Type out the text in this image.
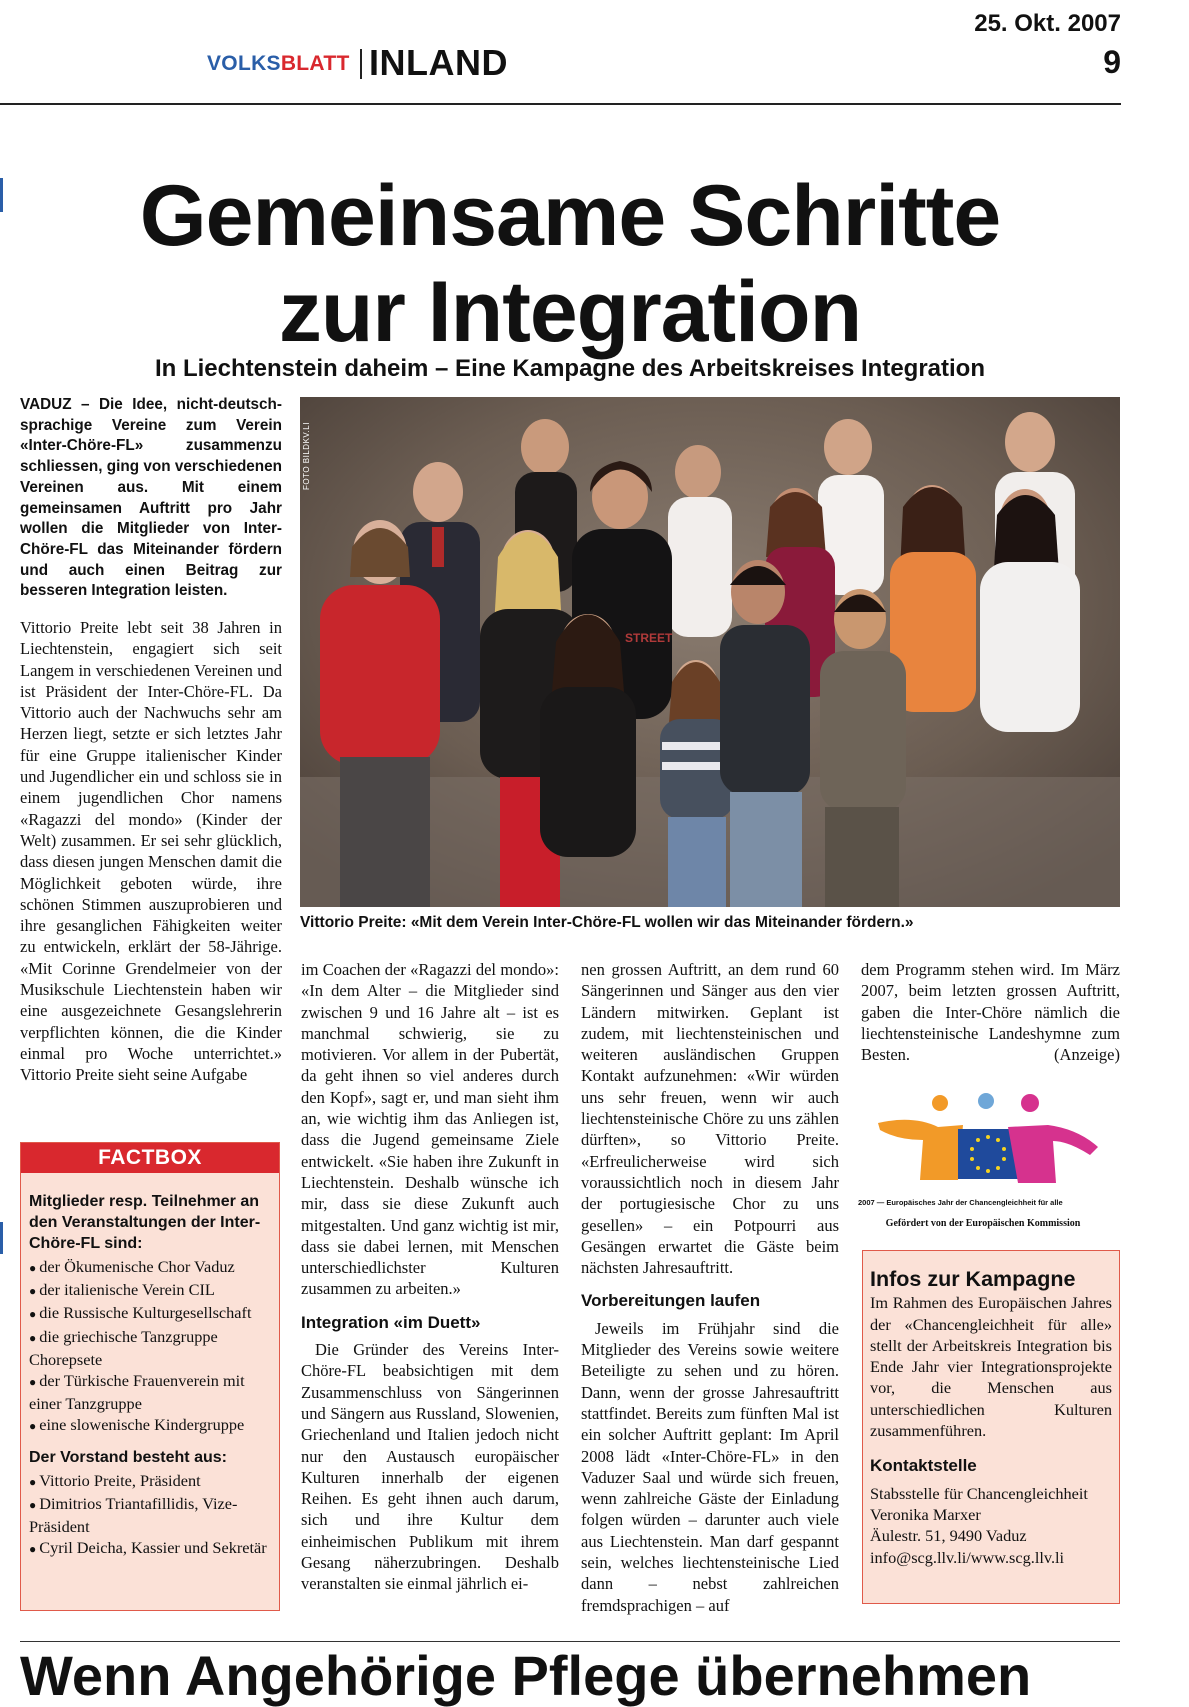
25. Okt. 2007
9
VOLKSBLATT INLAND
Gemeinsame Schritte
zur Integration
In Liechtenstein daheim – Eine Kampagne des Arbeitskreises Integration
VADUZ – Die Idee, nicht-deutsch-sprachige Vereine zum Verein «Inter-Chöre-FL» zusammenzu schliessen, ging von verschiedenen Vereinen aus. Mit einem gemeinsamen Auftritt pro Jahr wollen die Mitglieder von Inter-Chöre-FL das Miteinander fördern und auch einen Beitrag zur besseren Integration leisten.

Vittorio Preite lebt seit 38 Jahren in Liechtenstein, engagiert sich seit Langem in verschiedenen Vereinen und ist Präsident der Inter-Chöre-FL. Da Vittorio auch der Nachwuchs sehr am Herzen liegt, setzte er sich letztes Jahr für eine Gruppe italienischer Kinder und Jugendlicher ein und schloss sie in einem jugendlichen Chor namens «Ragazzi del mondo» (Kinder der Welt) zusammen. Er sei sehr glücklich, dass diesen jungen Menschen damit die Möglichkeit geboten würde, ihre schönen Stimmen auszuprobieren und ihre gesanglichen Fähigkeiten weiter zu entwickeln, erklärt der 58-Jährige. «Mit Corinne Grendelmeier von der Musikschule Liechtenstein haben wir eine ausgezeichnete Gesangslehrerin verpflichten können, die die Kinder einmal pro Woche unterrichtet.» Vittorio Preite sieht seine Aufgabe

STREET
FOTO BILDKV.LI
Vittorio Preite: «Mit dem Verein Inter-Chöre-FL wollen wir das Miteinander fördern.»

im Coachen der «Ragazzi del mondo»: «In dem Alter – die Mitglieder sind zwischen 9 und 16 Jahre alt – ist es manchmal schwierig, sie zu motivieren. Vor allem in der Pubertät, da geht ihnen so viel anderes durch den Kopf», sagt er, und man sieht ihm an, wie wichtig ihm das Anliegen ist, dass die Jugend gemeinsame Ziele entwickelt. «Sie haben ihre Zukunft in Liechtenstein. Deshalb wünsche ich mir, dass sie diese Zukunft auch mitgestalten. Und ganz wichtig ist mir, dass sie dabei lernen, mit Menschen unterschiedlichster Kulturen zusammen zu arbeiten.»

Integration «im Duett»

Die Gründer des Vereins Inter-Chöre-FL beabsichtigen mit dem Zusammenschluss von Sängerinnen und Sängern aus Russland, Slowenien, Griechenland und Italien jedoch nicht nur den Austausch europäischer Kulturen innerhalb der eigenen Reihen. Es geht ihnen auch darum, sich und ihre Kultur dem einheimischen Publikum mit ihrem Gesang näherzubringen. Deshalb veranstalten sie einmal jährlich ei-

nen grossen Auftritt, an dem rund 60 Sängerinnen und Sänger aus den vier Ländern mitwirken. Geplant ist zudem, mit liechtensteinischen und weiteren ausländischen Gruppen Kontakt aufzunehmen: «Wir würden uns sehr freuen, wenn wir auch liechtensteinische Chöre zu uns zählen dürften», so Vittorio Preite. «Erfreulicherweise wird sich voraussichtlich noch in diesem Jahr der portugiesische Chor zu uns gesellen» – ein Potpourri aus Gesängen erwartet die Gäste beim nächsten Jahresauftritt.

Vorbereitungen laufen

Jeweils im Frühjahr sind die Mitglieder des Vereins sowie weitere Beteiligte zu sehen und zu hören. Dann, wenn der grosse Jahresauftritt stattfindet. Bereits zum fünften Mal ist ein solcher Auftritt geplant: Im April 2008 lädt «Inter-Chöre-FL» in den Vaduzer Saal und würde sich freuen, wenn zahlreiche Gäste der Einladung folgen würden – darunter auch viele aus Liechtenstein. Man darf gespannt sein, welches liechtensteinische Lied dann – nebst zahlreichen fremdsprachigen – auf

dem Programm stehen wird. Im März 2007, beim letzten grossen Auftritt, gaben die Inter-Chöre nämlich die liechtensteinische Landeshymne zum Besten.	(Anzeige)

2007 — Europäisches Jahr der Chancengleichheit für alle
Gefördert von der Europäischen Kommission
FACTBOX
Mitglieder resp. Teilnehmer an den Veranstaltungen der Inter-Chöre-FL sind:
● der Ökumenische Chor Vaduz
● der italienische Verein CIL
● die Russische Kulturgesellschaft
● die griechische Tanzgruppe Chorepsete
● der Türkische Frauenverein mit einer Tanzgruppe
● eine slowenische Kindergruppe
Der Vorstand besteht aus:
● Vittorio Preite, Präsident
● Dimitrios Triantafillidis, Vize-Präsident
● Cyril Deicha, Kassier und Sekretär
Infos zur Kampagne
Im Rahmen des Europäischen Jahres der «Chancengleichheit für alle» stellt der Arbeitskreis Integration bis Ende Jahr vier Integrationsprojekte vor, die Menschen aus unterschiedlichen Kulturen zusammenführen.
Kontaktstelle
Stabsstelle für Chancengleichheit
Veronika Marxer
Äulestr. 51, 9490 Vaduz
info@scg.llv.li/www.scg.llv.li
Wenn Angehörige Pflege übernehmen
